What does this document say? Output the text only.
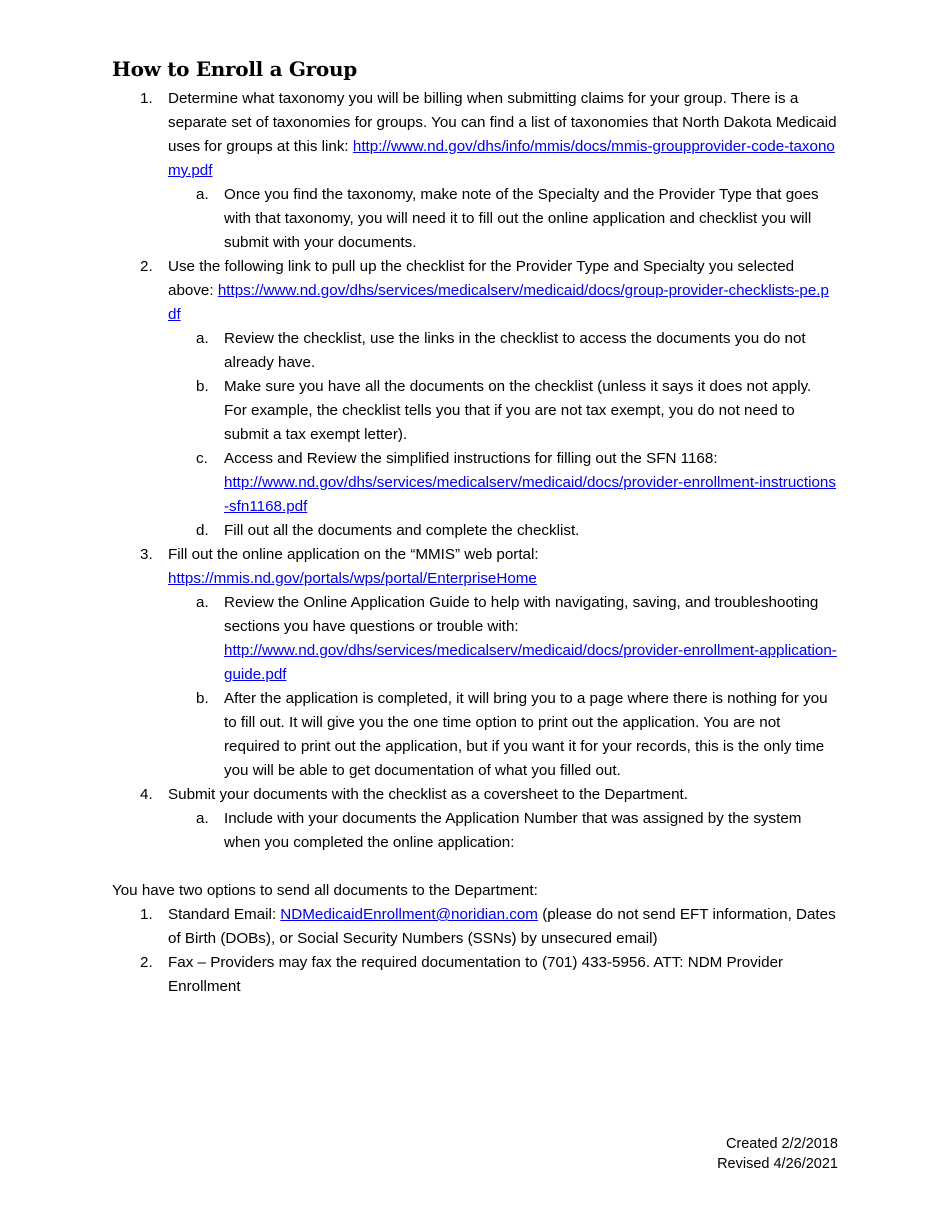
How to Enroll a Group
1. Determine what taxonomy you will be billing when submitting claims for your group. There is a separate set of taxonomies for groups. You can find a list of taxonomies that North Dakota Medicaid uses for groups at this link: http://www.nd.gov/dhs/info/mmis/docs/mmis-groupprovider-code-taxonomy.pdf
a. Once you find the taxonomy, make note of the Specialty and the Provider Type that goes with that taxonomy, you will need it to fill out the online application and checklist you will submit with your documents.
2. Use the following link to pull up the checklist for the Provider Type and Specialty you selected above: https://www.nd.gov/dhs/services/medicalserv/medicaid/docs/group-provider-checklists-pe.pdf
a. Review the checklist, use the links in the checklist to access the documents you do not already have.
b. Make sure you have all the documents on the checklist (unless it says it does not apply. For example, the checklist tells you that if you are not tax exempt, you do not need to submit a tax exempt letter).
c. Access and Review the simplified instructions for filling out the SFN 1168:
http://www.nd.gov/dhs/services/medicalserv/medicaid/docs/provider-enrollment-instructions-sfn1168.pdf
d. Fill out all the documents and complete the checklist.
3. Fill out the online application on the “MMIS” web portal:
https://mmis.nd.gov/portals/wps/portal/EnterpriseHome
a. Review the Online Application Guide to help with navigating, saving, and troubleshooting sections you have questions or trouble with:
http://www.nd.gov/dhs/services/medicalserv/medicaid/docs/provider-enrollment-application-guide.pdf
b. After the application is completed, it will bring you to a page where there is nothing for you to fill out. It will give you the one time option to print out the application. You are not required to print out the application, but if you want it for your records, this is the only time you will be able to get documentation of what you filled out.
4. Submit your documents with the checklist as a coversheet to the Department.
a. Include with your documents the Application Number that was assigned by the system when you completed the online application:
You have two options to send all documents to the Department:
1. Standard Email: NDMedicaidEnrollment@noridian.com (please do not send EFT information, Dates of Birth (DOBs), or Social Security Numbers (SSNs) by unsecured email)
2. Fax – Providers may fax the required documentation to (701) 433-5956. ATT: NDM Provider Enrollment
Created 2/2/2018
Revised 4/26/2021
